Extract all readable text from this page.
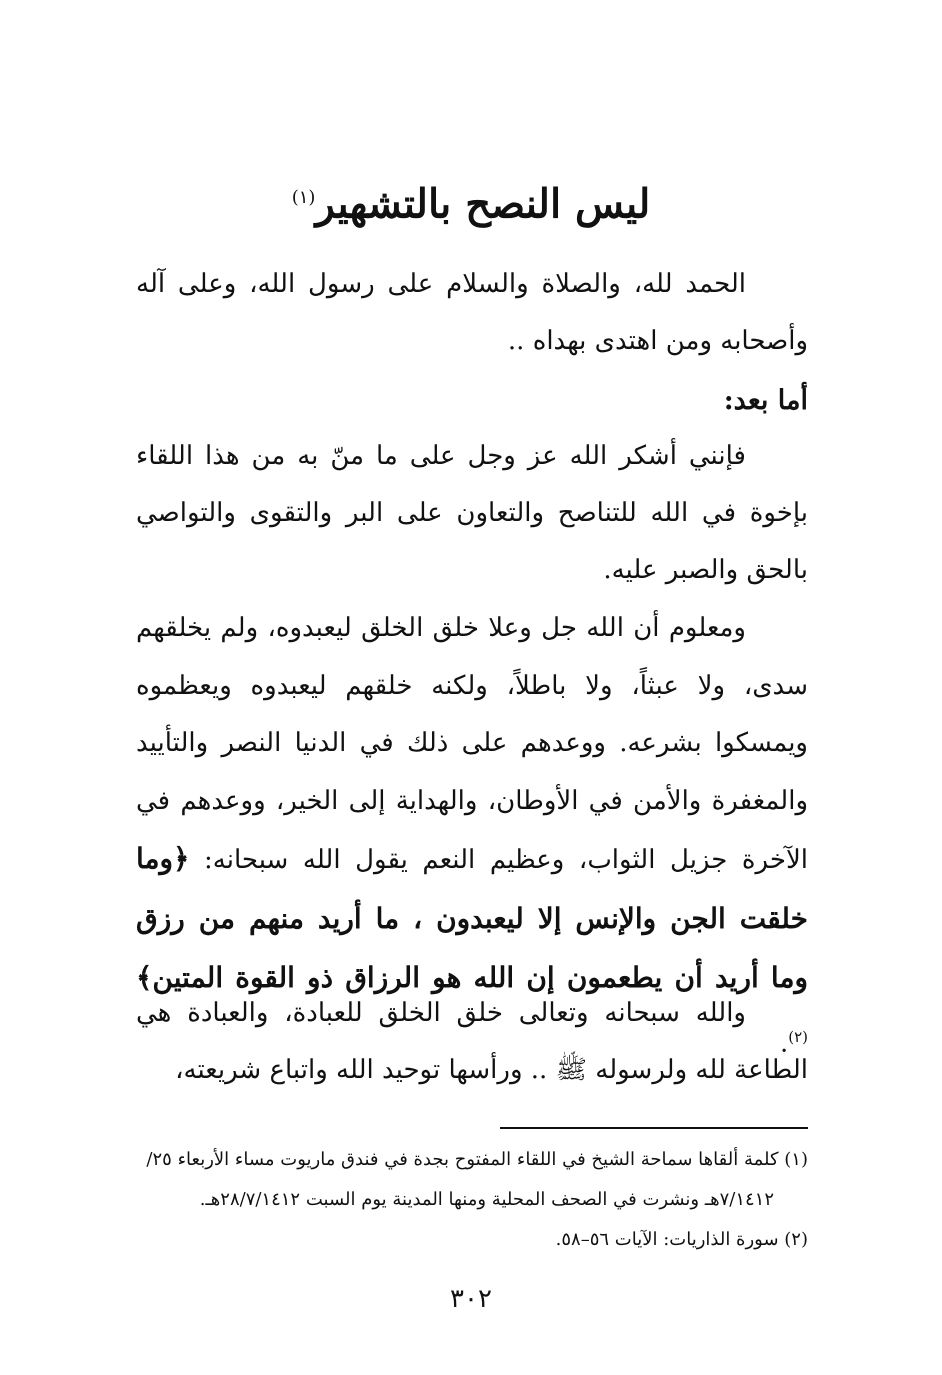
ليس النصح بالتشهير$^{(١)}$

الحمد لله، والصلاة والسلام على رسول الله، وعلى آله وأصحابه ومن اهتدى بهداه ..

أما بعد:

فإنني أشكر الله عز وجل على ما منّ به من هذا اللقاء بإخوة في الله للتناصح والتعاون على البر والتقوى والتواصي بالحق والصبر عليه.

ومعلوم أن الله جل وعلا خلق الخلق ليعبدوه، ولم يخلقهم سدى، ولا عبثاً، ولا باطلاً، ولكنه خلقهم ليعبدوه ويعظموه ويمسكوا بشرعه. ووعدهم على ذلك في الدنيا النصر والتأييد والمغفرة والأمن في الأوطان، والهداية إلى الخير، ووعدهم في الآخرة جزيل الثواب، وعظيم النعم يقول الله سبحانه: ﴿وما خلقت الجن والإنس إلا ليعبدون ، ما أريد منهم من رزق وما أريد أن يطعمون إن الله هو الرزاق ذو القوة المتين﴾$^{(٢)}$.

والله سبحانه وتعالى خلق الخلق للعبادة، والعبادة هي الطاعة لله ولرسوله ﷺ .. ورأسها توحيد الله واتباع شريعته،

(١) كلمة ألقاها سماحة الشيخ في اللقاء المفتوح بجدة في فندق ماريوت مساء الأربعاء ٢٥/

٧/١٤١٢هـ ونشرت في الصحف المحلية ومنها المدينة يوم السبت ٢٨/٧/١٤١٢هـ.

(٢) سورة الذاريات: الآيات ٥٦–٥٨.

٣٠٢
